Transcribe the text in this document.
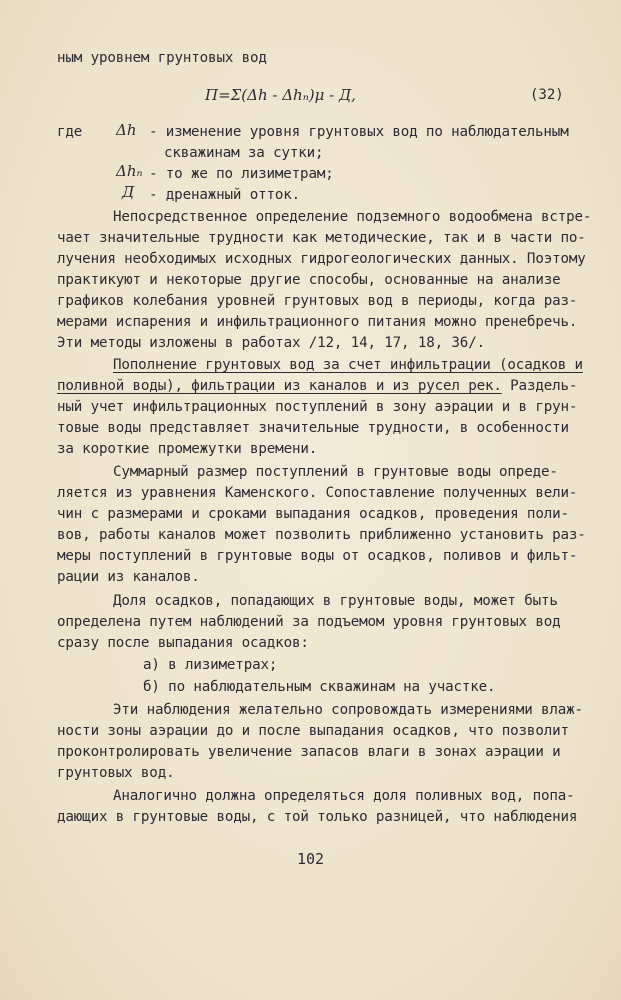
ным уровнем грунтовых вод
П=Σ(Δh - Δhₙ)μ - Д,	(32)
где Δh - изменение уровня грунтовых вод по наблюдательным
скважинам за сутки;
Δhₙ - то же по лизиметрам;
Д - дренажный отток.
Непосредственное определение подземного водообмена встре-
чает значительные трудности как методические, так и в части по-
лучения необходимых исходных гидрогеологических данных. Поэтому
практикуют и некоторые другие способы, основанные на анализе
графиков колебания уровней грунтовых вод в периоды, когда раз-
мерами испарения и инфильтрационного питания можно пренебречь.
Эти методы изложены в работах /12, 14, 17, 18, 36/.
Пополнение грунтовых вод за счет инфильтрации (осадков и
поливной воды), фильтрации из каналов и из русел рек. Раздель-
ный учет инфильтрационных поступлений в зону аэрации и в грун-
товые воды представляет значительные трудности, в особенности
за короткие промежутки времени.
Суммарный размер поступлений в грунтовые воды опреде-
ляется из уравнения Каменского. Сопоставление полученных вели-
чин с размерами и сроками выпадания осадков, проведения поли-
вов, работы каналов может позволить приближенно установить раз-
меры поступлений в грунтовые воды от осадков, поливов и фильт-
рации из каналов.
Доля осадков, попадающих в грунтовые воды, может быть
определена путем наблюдений за подъемом уровня грунтовых вод
сразу после выпадания осадков:
а) в лизиметрах;
б) по наблюдательным скважинам на участке.
Эти наблюдения желательно сопровождать измерениями влаж-
ности зоны аэрации до и после выпадания осадков, что позволит
проконтролировать увеличение запасов влаги в зонах аэрации и
грунтовых вод.
Аналогично должна определяться доля поливных вод, попа-
дающих в грунтовые воды, с той только разницей, что наблюдения
102
